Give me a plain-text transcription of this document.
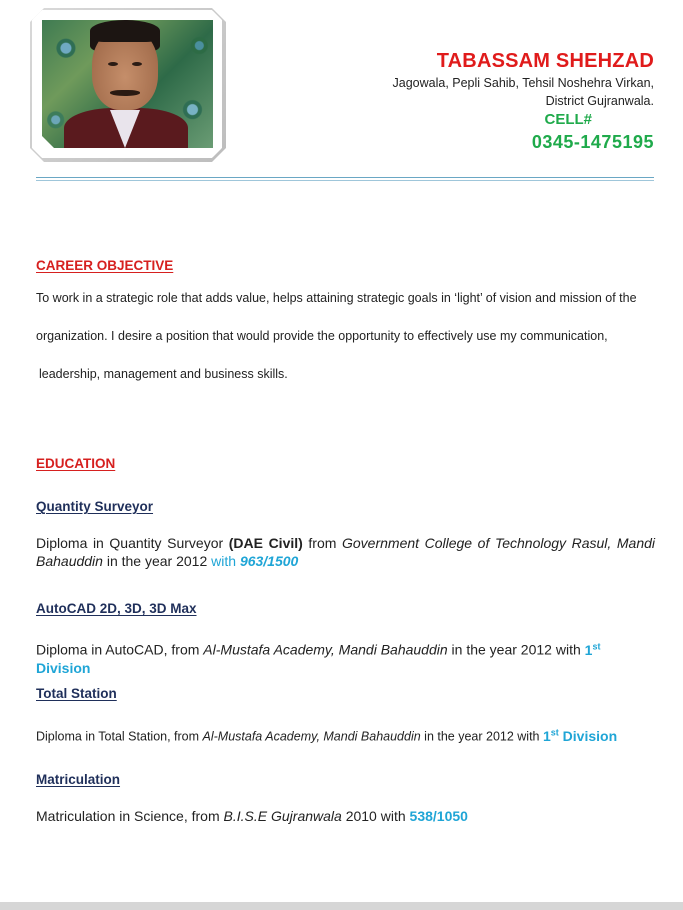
TABASSAM SHEHZAD
Jagowala, Pepli Sahib, Tehsil Noshehra Virkan,
District Gujranwala.
CELL#
0345-1475195
CAREER OBJECTIVE

To work in a strategic role that adds value, helps attaining strategic goals in ‘light’ of vision and mission of the

organization. I desire a position that would provide the opportunity to effectively use my communication,

leadership, management and business skills.

EDUCATION
Quantity Surveyor

Diploma in Quantity Surveyor (DAE Civil) from Government College of Technology Rasul, Mandi Bahauddin in the year 2012 with 963/1500

AutoCAD 2D, 3D, 3D Max

Diploma in AutoCAD, from Al-Mustafa Academy, Mandi Bahauddin in the year 2012 with 1st Division

Total Station

Diploma in Total Station, from Al-Mustafa Academy, Mandi Bahauddin in the year 2012 with 1st Division

Matriculation

Matriculation in Science, from B.I.S.E Gujranwala 2010 with 538/1050
